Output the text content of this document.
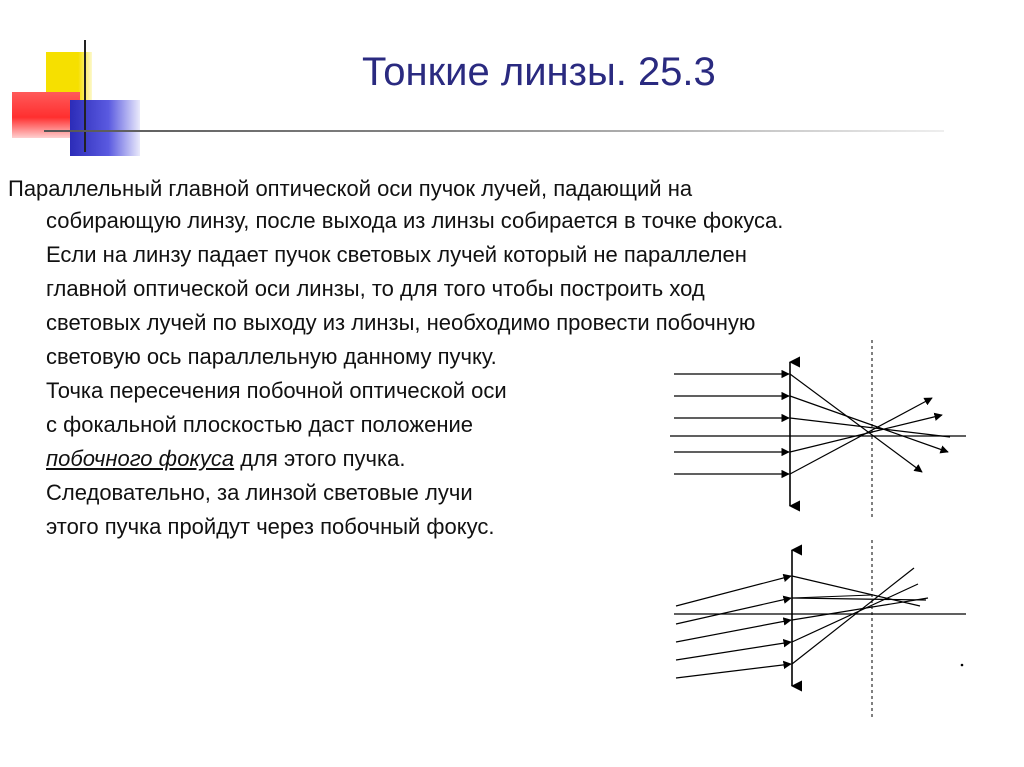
Тонкие линзы. 25.3

Параллельный главной оптической оси пучок лучей, падающий на

собирающую линзу, после выхода из линзы собирается в точке фокуса.

Если на линзу падает пучок световых лучей который не параллелен

главной оптической оси линзы, то для того чтобы построить ход

световых лучей по выходу из линзы, необходимо провести побочную

световую ось параллельную данному пучку.

Точка пересечения побочной оптической оси

с фокальной плоскостью даст положение

побочного фокуса для этого пучка.

Следовательно, за линзой световые лучи

этого пучка пройдут через побочный фокус.
